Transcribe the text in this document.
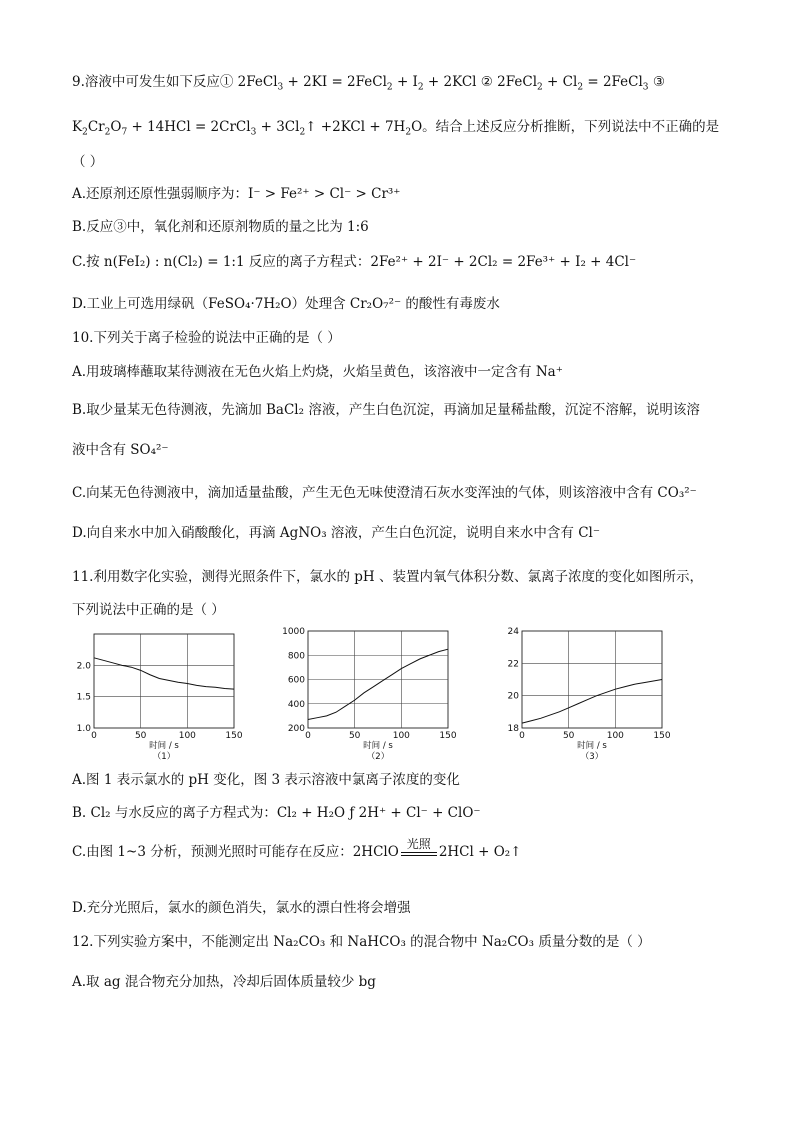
9.溶液中可发生如下反应① 2FeCl$_3$ + 2KI = 2FeCl$_2$ + $I_2 + 2KCl$ ② 2FeCl$_2$ + $Cl_2$ = 2FeCl$_3$ ③
$K_2Cr_2O_7 + 14HCl$ = 2CrCl$_3$ + $3Cl_2↑ +2KCl + 7H_2O$。结合上述反应分析推断，下列说法中不正确的是
（ ）
A.还原剂还原性强弱顺序为：I⁻ > Fe²⁺ > Cl⁻ > Cr³⁺
B.反应③中，氧化剂和还原剂物质的量之比为 1:6
C.按 n(FeI₂) : n(Cl₂) = 1:1 反应的离子方程式：2Fe²⁺ + 2I⁻ + 2Cl₂ = 2Fe³⁺ + I₂ + 4Cl⁻
D.工业上可选用绿矾（FeSO₄·7H₂O）处理含 Cr₂O₇²⁻ 的酸性有毒废水
10.下列关于离子检验的说法中正确的是（ ）
A.用玻璃棒蘸取某待测液在无色火焰上灼烧，火焰呈黄色，该溶液中一定含有 Na⁺
B.取少量某无色待测液，先滴加 BaCl₂ 溶液，产生白色沉淀，再滴加足量稀盐酸，沉淀不溶解，说明该溶
液中含有 SO₄²⁻
C.向某无色待测液中，滴加适量盐酸，产生无色无味使澄清石灰水变浑浊的气体，则该溶液中含有 CO₃²⁻
D.向自来水中加入硝酸酸化，再滴 AgNO₃ 溶液，产生白色沉淀，说明自来水中含有 Cl⁻
11.利用数字化实验，测得光照条件下，氯水的 pH 、装置内氧气体积分数、氯离子浓度的变化如图所示，
下列说法中正确的是（ ）
0	50	100	150
1.0
1.5
2.0
时间 / s
（1）
0	50	100	150
200
400
600
800
1000
时间 / s
（2）
0	50	100	150
18
20
22
24
时间 / s
（3）
A.图 1 表示氯水的 pH 变化，图 3 表示溶液中氯离子浓度的变化
B. Cl₂ 与水反应的离子方程式为：Cl₂ + H₂O ƒ 2H⁺ + Cl⁻ + ClO⁻
C.由图 1~3 分析，预测光照时可能存在反应：2HClO
光照
2HCl + O₂↑
D.充分光照后，氯水的颜色消失，氯水的漂白性将会增强
12.下列实验方案中，不能测定出 Na₂CO₃ 和 NaHCO₃ 的混合物中 Na₂CO₃ 质量分数的是（ ）
A.取 ag 混合物充分加热，冷却后固体质量较少 bg
